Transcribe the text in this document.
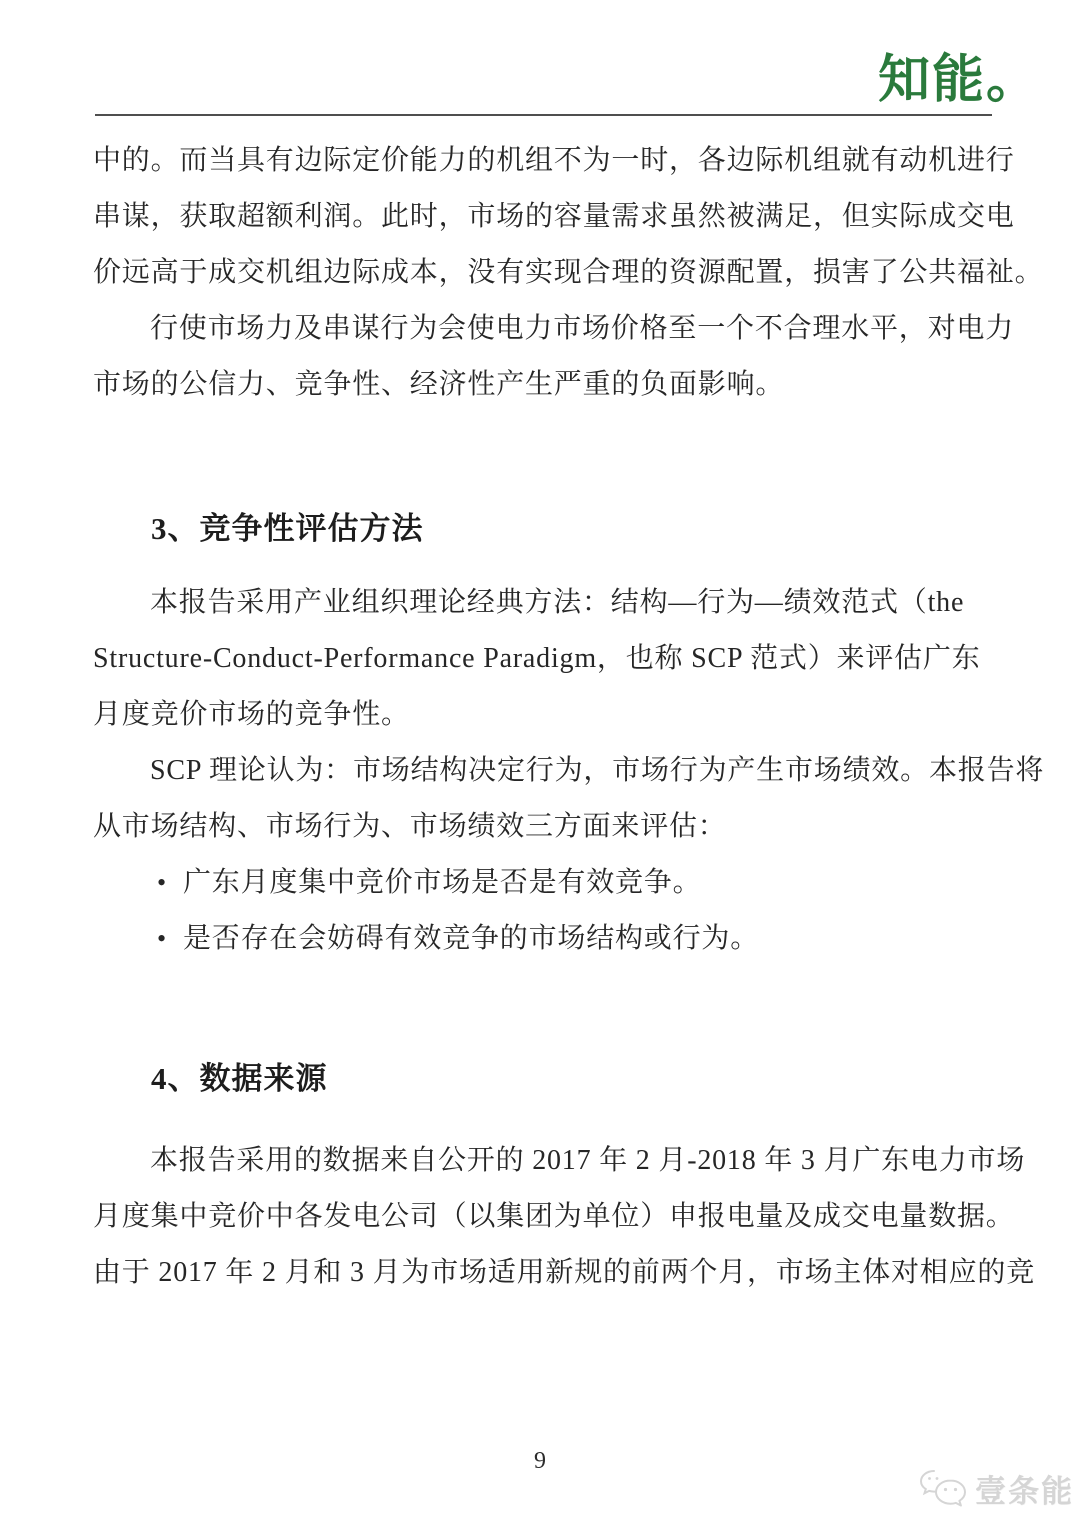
知能。
中的。而当具有边际定价能力的机组不为一时，各边际机组就有动机进行
串谋，获取超额利润。此时，市场的容量需求虽然被满足，但实际成交电
价远高于成交机组边际成本，没有实现合理的资源配置，损害了公共福祉。
行使市场力及串谋行为会使电力市场价格至一个不合理水平，对电力
市场的公信力、竞争性、经济性产生严重的负面影响。
3、竞争性评估方法
本报告采用产业组织理论经典方法：结构—行为—绩效范式（the
Structure-Conduct-Performance Paradigm，也称 SCP 范式）来评估广东
月度竞价市场的竞争性。
SCP 理论认为：市场结构决定行为，市场行为产生市场绩效。本报告将
从市场结构、市场行为、市场绩效三方面来评估：
• 广东月度集中竞价市场是否是有效竞争。
• 是否存在会妨碍有效竞争的市场结构或行为。
4、数据来源
本报告采用的数据来自公开的 2017 年 2 月-2018 年 3 月广东电力市场
月度集中竞价中各发电公司（以集团为单位）申报电量及成交电量数据。
由于 2017 年 2 月和 3 月为市场适用新规的前两个月，市场主体对相应的竞
9
壹条能
